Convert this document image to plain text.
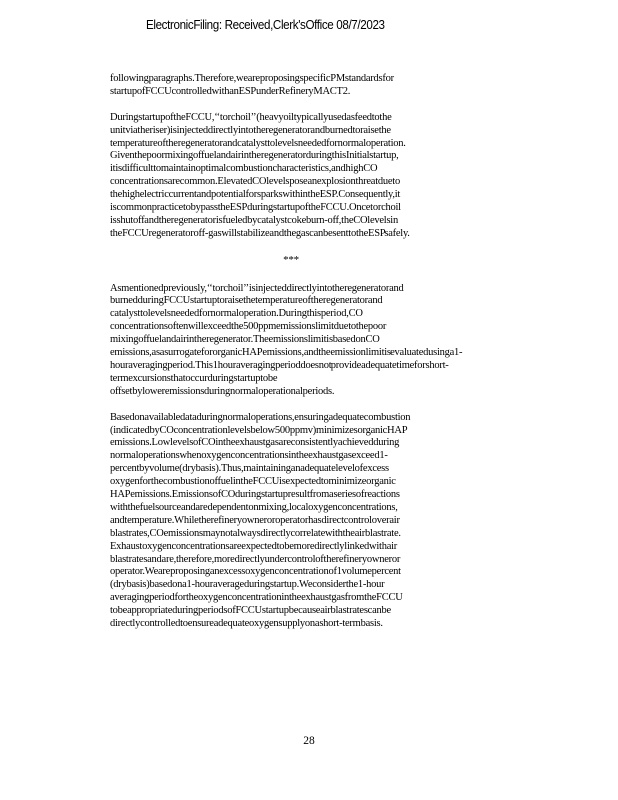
ElectronicFiling: Received,Clerk'sOffice 08/7/2023

followingparagraphs.Therefore,weareproposingspecificPMstandardsfor startupofFCCUcontrolledwithanESPunderRefineryMACT2.

DuringstartupoftheFCCU,‘‘torchoil’’(heavyoiltypicallyusedasfeedtothe unitviatheriser)isinjecteddirectlyintotheregeneratorandburnedtoraisethe temperatureoftheregeneratorandcatalysttolevelsneededfornormaloperation. GiventhepoormixingoffuelandairintheregeneratorduringthisInitialstartup, itisdifficulttomaintainoptimalcombustioncharacteristics,andhighCO concentrationsarecommon.ElevatedCOlevelsposeanexplosionthreatdueto thehighelectriccurrentandpotentialforsparkswithintheESP.Consequently,it iscommonpracticetobypasstheESPduringstartupoftheFCCU.Oncetorchoil isshutoffandtheregeneratorisfueledbycatalystcokeburn-off,theCOlevelsin theFCCUregeneratoroff-gaswillstabilizeandthegascanbesenttotheESP safely.

***

Asmentionedpreviously,‘‘torchoil’’isinjecteddirectlyintotheregeneratorand burnedduringFCCUstartuptoraisethetemperatureoftheregeneratorand catalysttolevelsneededfornormaloperation.Duringthisperiod,CO concentrationsoftenwillexceedthe500ppmemissionslimitduetothepoor mixingoffuelandairintheregenerator.TheemissionslimitisbasedonCO emissions,asasurrogatefororganicHAPemissions,andtheemissionlimitis evaluatedusinga1-houraveragingperiod.This1houraveragingperioddoesnot provideadequatetimeforshort-termexcursionsthatoccurduringstartuptobe offsetbyloweremissionsduringnormaloperationalperiods.

Basedonavailabledataduringnormaloperations,ensuringadequatecombustion (indicatedbyCOconcentrationlevelsbelow500ppmv)minimizesorganicHAP emissions.LowlevelsofCOintheexhaustgasareconsistentlyachievedduring normaloperationswhenoxygenconcentrationsintheexhaustgasexceed1- percentbyvolume(drybasis).Thus,maintaininganadequatelevelofexcess oxygenforthecombustionoffuelintheFCCUisexpectedtominimizeorganic HAPemissions.EmissionsofCOduringstartupresultfromaseriesofreactions withthefuelsourceandaredependentonmixing,localoxygenconcentrations, andtemperature.Whiletherefineryowneroroperatorhasdirectcontroloverair blastrates,COemissionsmaynotalwaysdirectlycorrelatewiththeairblastrate. Exhaustoxygenconcentrationsareexpectedtobemoredirectlylinkedwithair blastratesandare,therefore,moredirectlyundercontroloftherefineryowneror operator.Weareproposinganexcessoxygenconcentrationof1volumepercent (drybasis)basedona1-houraverageduringstartup.Weconsiderthe1-hour averagingperiodfortheoxygenconcentrationintheexhaustgasfromtheFCCU tobeappropriateduringperiodsofFCCUstartupbecauseairblastratescanbe directlycontrolledtoensureadequateoxygensupplyonashort-termbasis.

28
